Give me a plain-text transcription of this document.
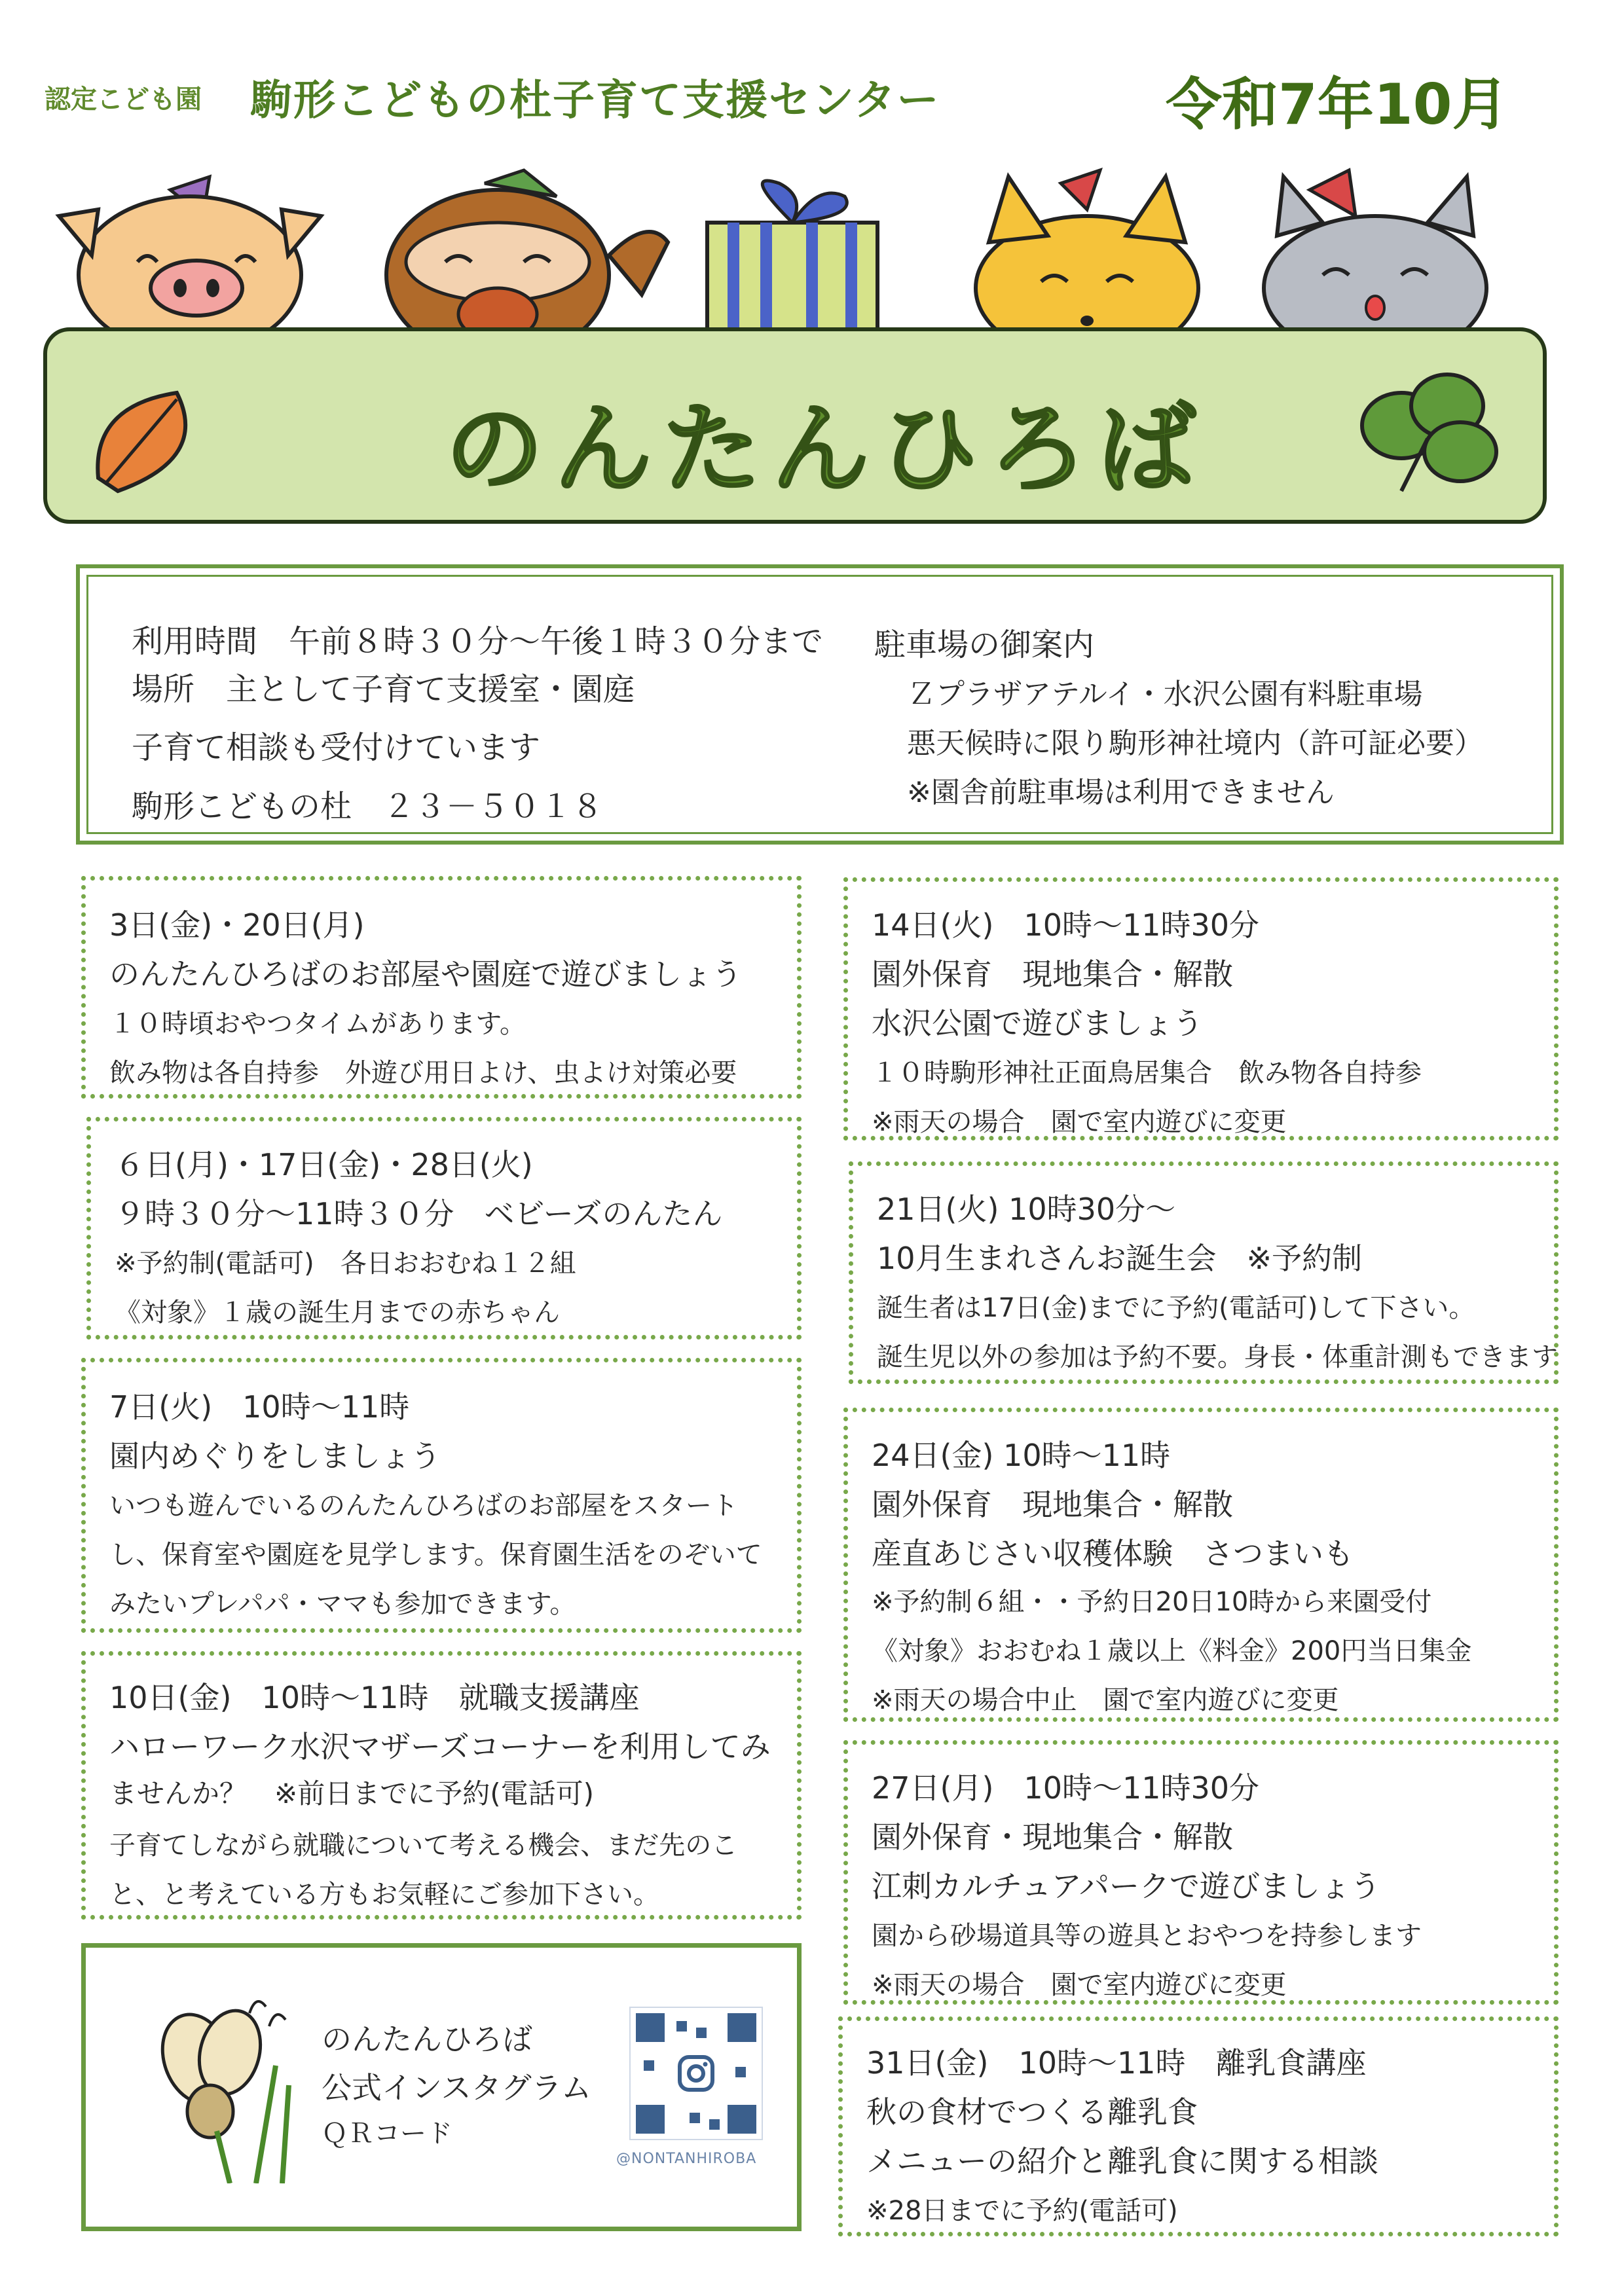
認定こども園 駒形こどもの杜子育て支援センター	令和7年10月
のんたんひろば
利用時間　午前８時３０分～午後１時３０分まで
場所　主として子育て支援室・園庭
子育て相談も受付けています
駒形こどもの杜　２３－５０１８
駐車場の御案内
Ｚプラザアテルイ・水沢公園有料駐車場
悪天候時に限り駒形神社境内（許可証必要）
※園舎前駐車場は利用できません
3日(金)・20日(月)
のんたんひろばのお部屋や園庭で遊びましょう
１０時頃おやつタイムがあります。
飲み物は各自持参　外遊び用日よけ、虫よけ対策必要
６日(月)・17日(金)・28日(火)
９時３０分～11時３０分　ベビーズのんたん
※予約制(電話可)　各日おおむね１２組
《対象》１歳の誕生月までの赤ちゃん
7日(火)　10時～11時
園内めぐりをしましょう
いつも遊んでいるのんたんひろばのお部屋をスタート
し、保育室や園庭を見学します。保育園生活をのぞいて
みたいプレパパ・ママも参加できます。
10日(金)　10時～11時　就職支援講座
ハローワーク水沢マザーズコーナーを利用してみ
ませんか？　※前日までに予約(電話可)
子育てしながら就職について考える機会、まだ先のこ
と、と考えている方もお気軽にご参加下さい。
14日(火)　10時～11時30分
園外保育　現地集合・解散
水沢公園で遊びましょう
１０時駒形神社正面鳥居集合　飲み物各自持参
※雨天の場合　園で室内遊びに変更
21日(火) 10時30分～
10月生まれさんお誕生会　※予約制
誕生者は17日(金)までに予約(電話可)して下さい。
誕生児以外の参加は予約不要。身長・体重計測もできます
24日(金) 10時～11時
園外保育　現地集合・解散
産直あじさい収穫体験　さつまいも
※予約制６組・・予約日20日10時から来園受付
《対象》おおむね１歳以上《料金》200円当日集金
※雨天の場合中止　園で室内遊びに変更
27日(月)　10時～11時30分
園外保育・現地集合・解散
江刺カルチュアパークで遊びましょう
園から砂場道具等の遊具とおやつを持参します
※雨天の場合　園で室内遊びに変更
31日(金)　10時～11時　離乳食講座
秋の食材でつくる離乳食
メニューの紹介と離乳食に関する相談
※28日までに予約(電話可)
のんたんひろば
公式インスタグラム
ＱＲコード
@NONTANHIROBA
